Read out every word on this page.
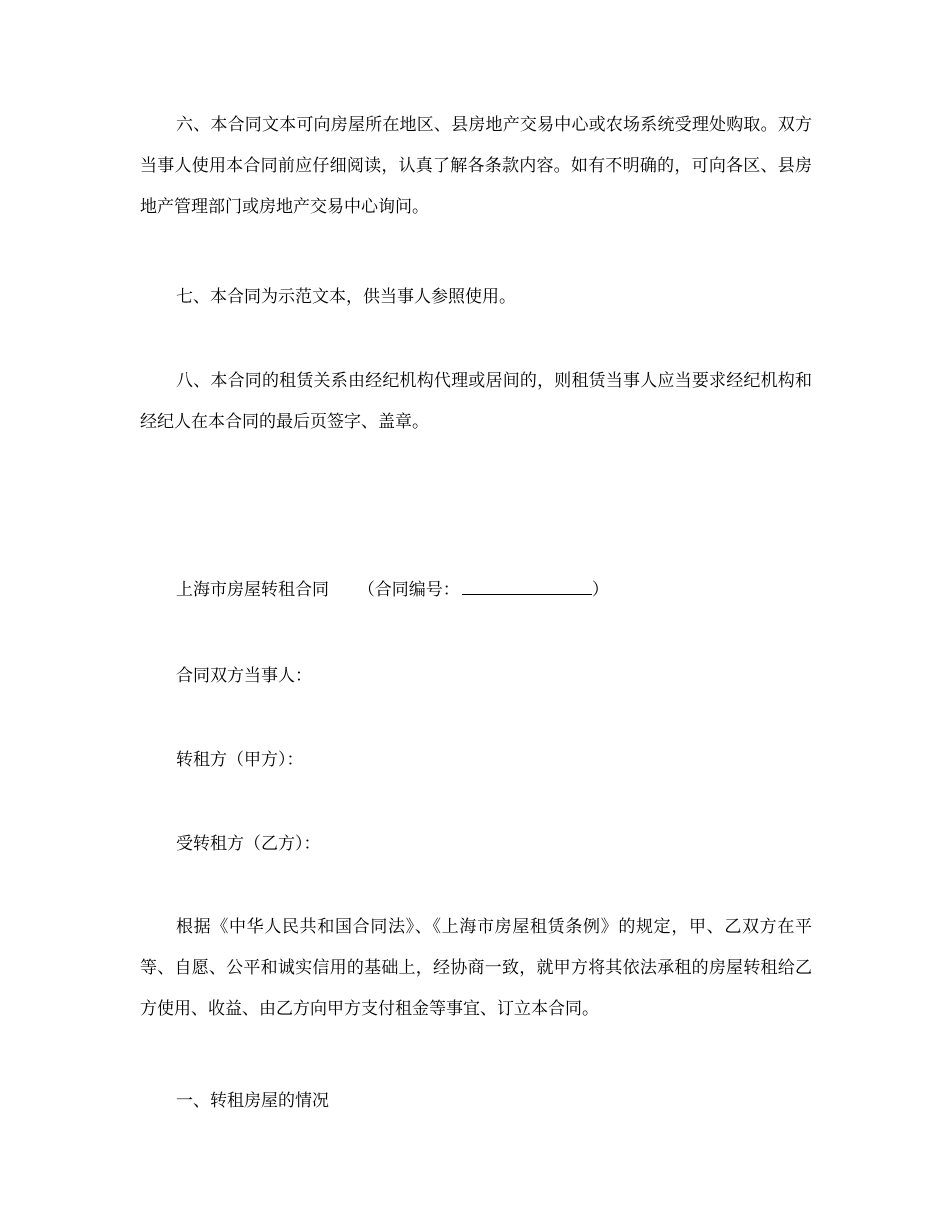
六、本合同文本可向房屋所在地区、县房地产交易中心或农场系统受理处购取。双方当事人使用本合同前应仔细阅读，认真了解各条款内容。如有不明确的，可向各区、县房地产管理部门或房地产交易中心询问。

七、本合同为示范文本，供当事人参照使用。

八、本合同的租赁关系由经纪机构代理或居间的，则租赁当事人应当要求经纪机构和经纪人在本合同的最后页签字、盖章。

上海市房屋转租合同 （合同编号：	）
合同双方当事人：
转租方（甲方）：
受转租方（乙方）：

根据《中华人民共和国合同法》、《上海市房屋租赁条例》的规定，甲、乙双方在平等、自愿、公平和诚实信用的基础上，经协商一致，就甲方将其依法承租的房屋转租给乙方使用、收益、由乙方向甲方支付租金等事宜、订立本合同。

一、转租房屋的情况
